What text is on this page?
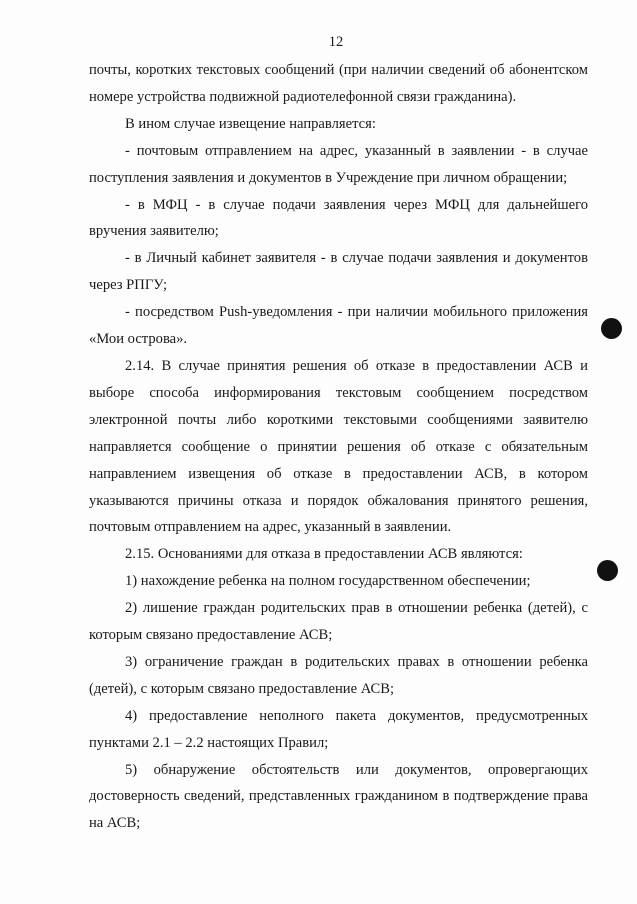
12

почты, коротких текстовых сообщений (при наличии сведений об абонентском номере устройства подвижной радиотелефонной связи гражданина).

В ином случае извещение направляется:

- почтовым отправлением на адрес, указанный в заявлении - в случае поступления заявления и документов в Учреждение при личном обращении;

- в МФЦ - в случае подачи заявления через МФЦ для дальнейшего вручения заявителю;

- в Личный кабинет заявителя - в случае подачи заявления и документов через РПГУ;

- посредством Push-уведомления - при наличии мобильного приложения «Мои острова».

2.14. В случае принятия решения об отказе в предоставлении АСВ и выборе способа информирования текстовым сообщением посредством электронной почты либо короткими текстовыми сообщениями заявителю направляется сообщение о принятии решения об отказе с обязательным направлением извещения об отказе в предоставлении АСВ, в котором указываются причины отказа и порядок обжалования принятого решения, почтовым отправлением на адрес, указанный в заявлении.

2.15. Основаниями для отказа в предоставлении АСВ являются:

1) нахождение ребенка на полном государственном обеспечении;

2) лишение граждан родительских прав в отношении ребенка (детей), с которым связано предоставление АСВ;

3) ограничение граждан в родительских правах в отношении ребенка (детей), с которым связано предоставление АСВ;

4) предоставление неполного пакета документов, предусмотренных пунктами 2.1 – 2.2 настоящих Правил;

5) обнаружение обстоятельств или документов, опровергающих достоверность сведений, представленных гражданином в подтверждение права на АСВ;
